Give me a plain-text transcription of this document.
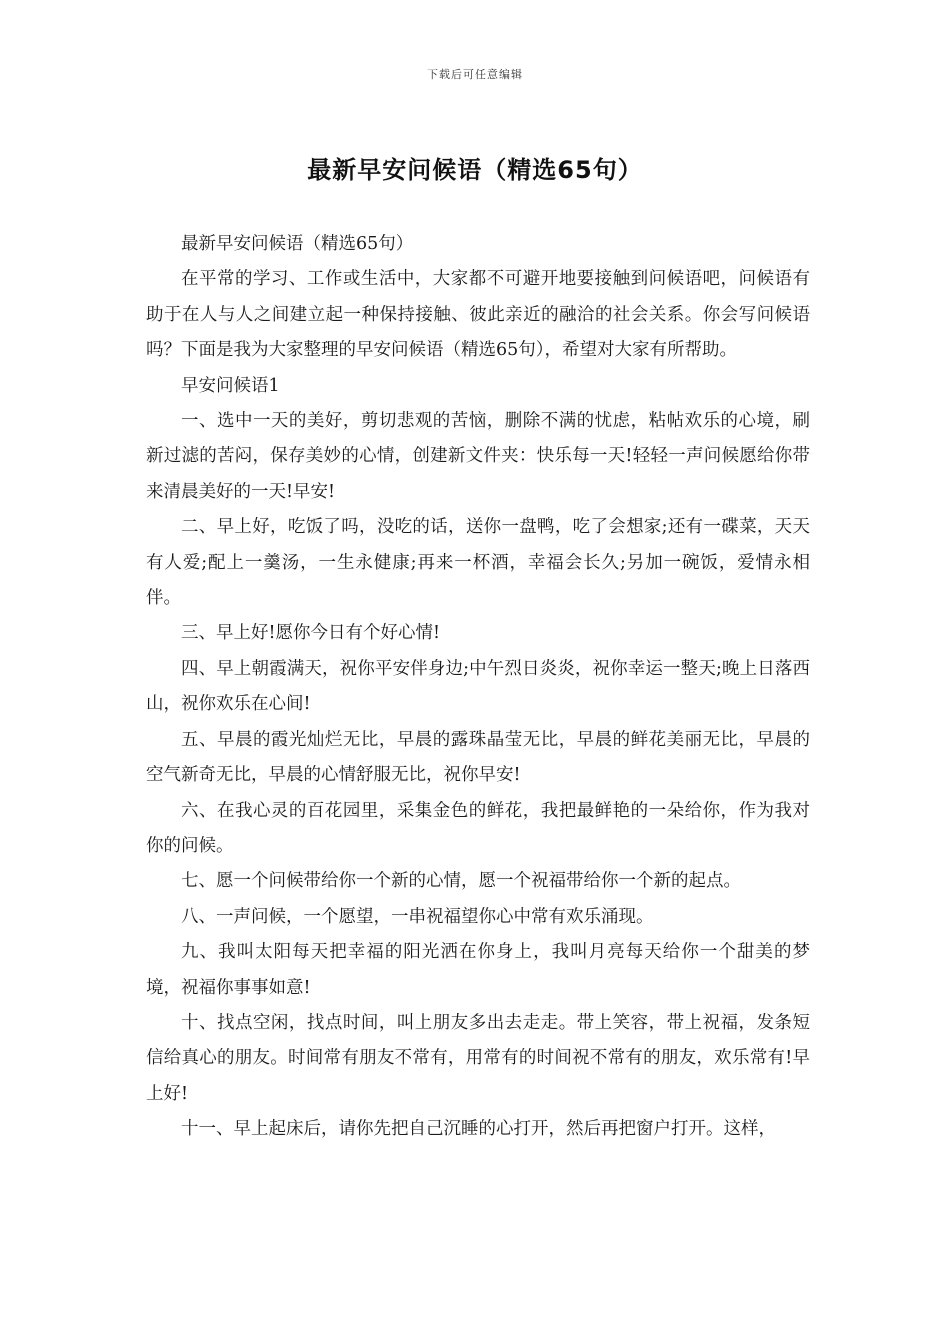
下载后可任意编辑
最新早安问候语（精选65句）

最新早安问候语（精选65句）

在平常的学习、工作或生活中，大家都不可避开地要接触到问候语吧，问候语有助于在人与人之间建立起一种保持接触、彼此亲近的融洽的社会关系。你会写问候语吗？下面是我为大家整理的早安问候语（精选65句），希望对大家有所帮助。

早安问候语1

一、选中一天的美好，剪切悲观的苦恼，删除不满的忧虑，粘帖欢乐的心境，刷新过滤的苦闷，保存美妙的心情，创建新文件夹：快乐每一天!轻轻一声问候愿给你带来清晨美好的一天!早安!

二、早上好，吃饭了吗，没吃的话，送你一盘鸭，吃了会想家;还有一碟菜，天天有人爱;配上一羹汤，一生永健康;再来一杯酒，幸福会长久;另加一碗饭，爱情永相伴。

三、早上好!愿你今日有个好心情!

四、早上朝霞满天，祝你平安伴身边;中午烈日炎炎，祝你幸运一整天;晚上日落西山，祝你欢乐在心间!

五、早晨的霞光灿烂无比，早晨的露珠晶莹无比，早晨的鲜花美丽无比，早晨的空气新奇无比，早晨的心情舒服无比，祝你早安!

六、在我心灵的百花园里，采集金色的鲜花，我把最鲜艳的一朵给你，作为我对你的问候。

七、愿一个问候带给你一个新的心情，愿一个祝福带给你一个新的起点。

八、一声问候，一个愿望，一串祝福望你心中常有欢乐涌现。

九、我叫太阳每天把幸福的阳光洒在你身上，我叫月亮每天给你一个甜美的梦境，祝福你事事如意!

十、找点空闲，找点时间，叫上朋友多出去走走。带上笑容，带上祝福，发条短信给真心的朋友。时间常有朋友不常有，用常有的时间祝不常有的朋友，欢乐常有!早上好!

十一、早上起床后，请你先把自己沉睡的心打开，然后再把窗户打开。这样，
